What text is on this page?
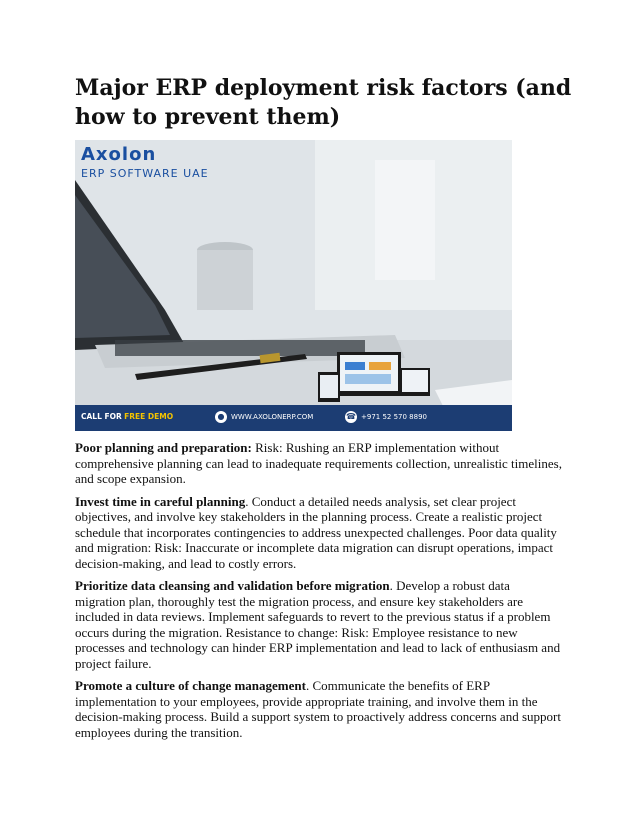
Major ERP deployment risk factors (and how to prevent them)
Axolon
ERP SOFTWARE UAE
CALL FOR FREE DEMO	● WWW.AXOLONERP.COM	☎ +971 52 570 8890

Poor planning and preparation: Risk: Rushing an ERP implementation without comprehensive planning can lead to inadequate requirements collection, unrealistic timelines, and scope expansion.

Invest time in careful planning. Conduct a detailed needs analysis, set clear project objectives, and involve key stakeholders in the planning process. Create a realistic project schedule that incorporates contingencies to address unexpected challenges. Poor data quality and migration: Risk: Inaccurate or incomplete data migration can disrupt operations, impact decision-making, and lead to costly errors.

Prioritize data cleansing and validation before migration. Develop a robust data migration plan, thoroughly test the migration process, and ensure key stakeholders are included in data reviews. Implement safeguards to revert to the previous status if a problem occurs during the migration. Resistance to change: Risk: Employee resistance to new processes and technology can hinder ERP implementation and lead to lack of enthusiasm and project failure.

Promote a culture of change management. Communicate the benefits of ERP implementation to your employees, provide appropriate training, and involve them in the decision-making process. Build a support system to proactively address concerns and support employees during the transition.
